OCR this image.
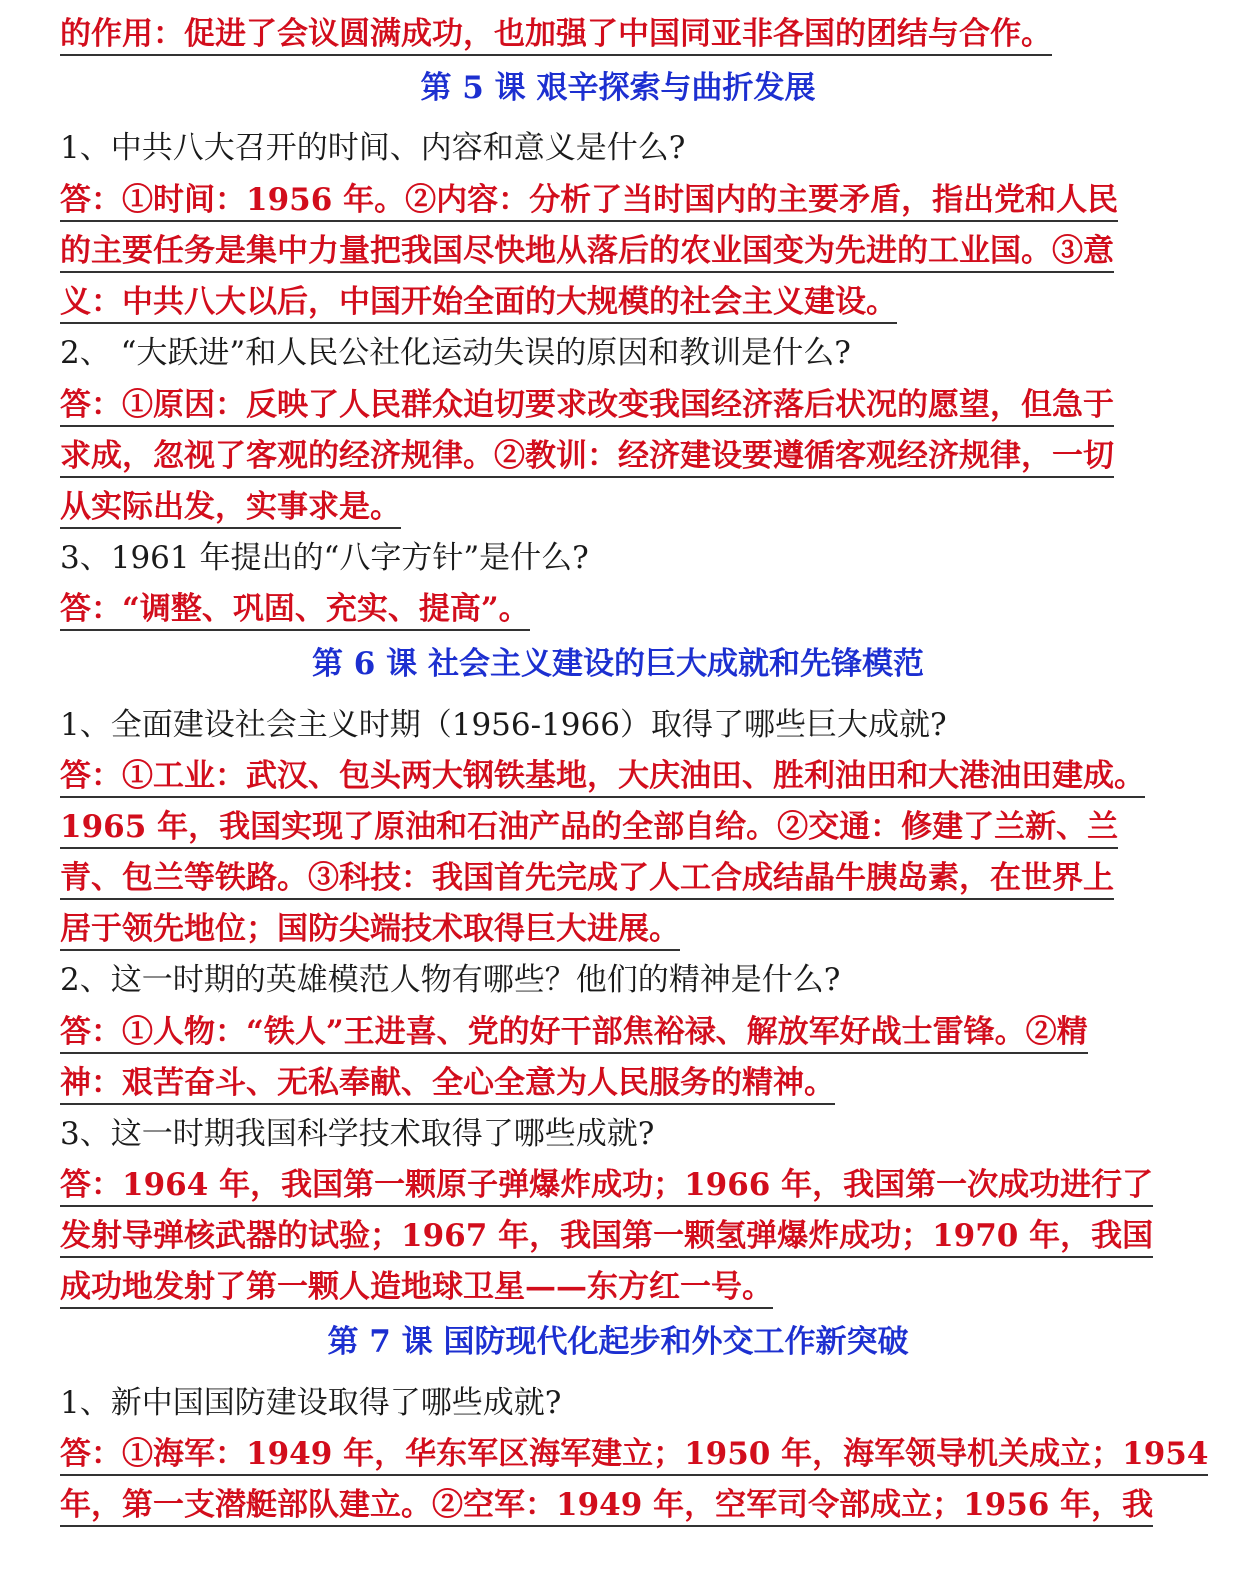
的作用：促进了会议圆满成功，也加强了中国同亚非各国的团结与合作。
第 5 课 艰辛探索与曲折发展
1、中共八大召开的时间、内容和意义是什么?
答：①时间：1956 年。②内容：分析了当时国内的主要矛盾，指出党和人民
的主要任务是集中力量把我国尽快地从落后的农业国变为先进的工业国。③意
义：中共八大以后，中国开始全面的大规模的社会主义建设。
2、 “大跃进”和人民公社化运动失误的原因和教训是什么?
答：①原因：反映了人民群众迫切要求改变我国经济落后状况的愿望，但急于
求成，忽视了客观的经济规律。②教训：经济建设要遵循客观经济规律，一切
从实际出发，实事求是。
3、1961 年提出的“八字方针”是什么?
答：“调整、巩固、充实、提高”。
第 6 课 社会主义建设的巨大成就和先锋模范
1、全面建设社会主义时期（1956-1966）取得了哪些巨大成就?
答：①工业：武汉、包头两大钢铁基地，大庆油田、胜利油田和大港油田建成。
1965 年，我国实现了原油和石油产品的全部自给。②交通：修建了兰新、兰
青、包兰等铁路。③科技：我国首先完成了人工合成结晶牛胰岛素，在世界上
居于领先地位；国防尖端技术取得巨大进展。
2、这一时期的英雄模范人物有哪些？他们的精神是什么?
答：①人物：“铁人”王进喜、党的好干部焦裕禄、解放军好战士雷锋。②精
神：艰苦奋斗、无私奉献、全心全意为人民服务的精神。
3、这一时期我国科学技术取得了哪些成就?
答：1964 年，我国第一颗原子弹爆炸成功；1966 年，我国第一次成功进行了
发射导弹核武器的试验；1967 年，我国第一颗氢弹爆炸成功；1970 年，我国
成功地发射了第一颗人造地球卫星——东方红一号。
第 7 课 国防现代化起步和外交工作新突破
1、新中国国防建设取得了哪些成就?
答：①海军：1949 年，华东军区海军建立；1950 年，海军领导机关成立；1954
年，第一支潜艇部队建立。②空军：1949 年，空军司令部成立；1956 年，我
